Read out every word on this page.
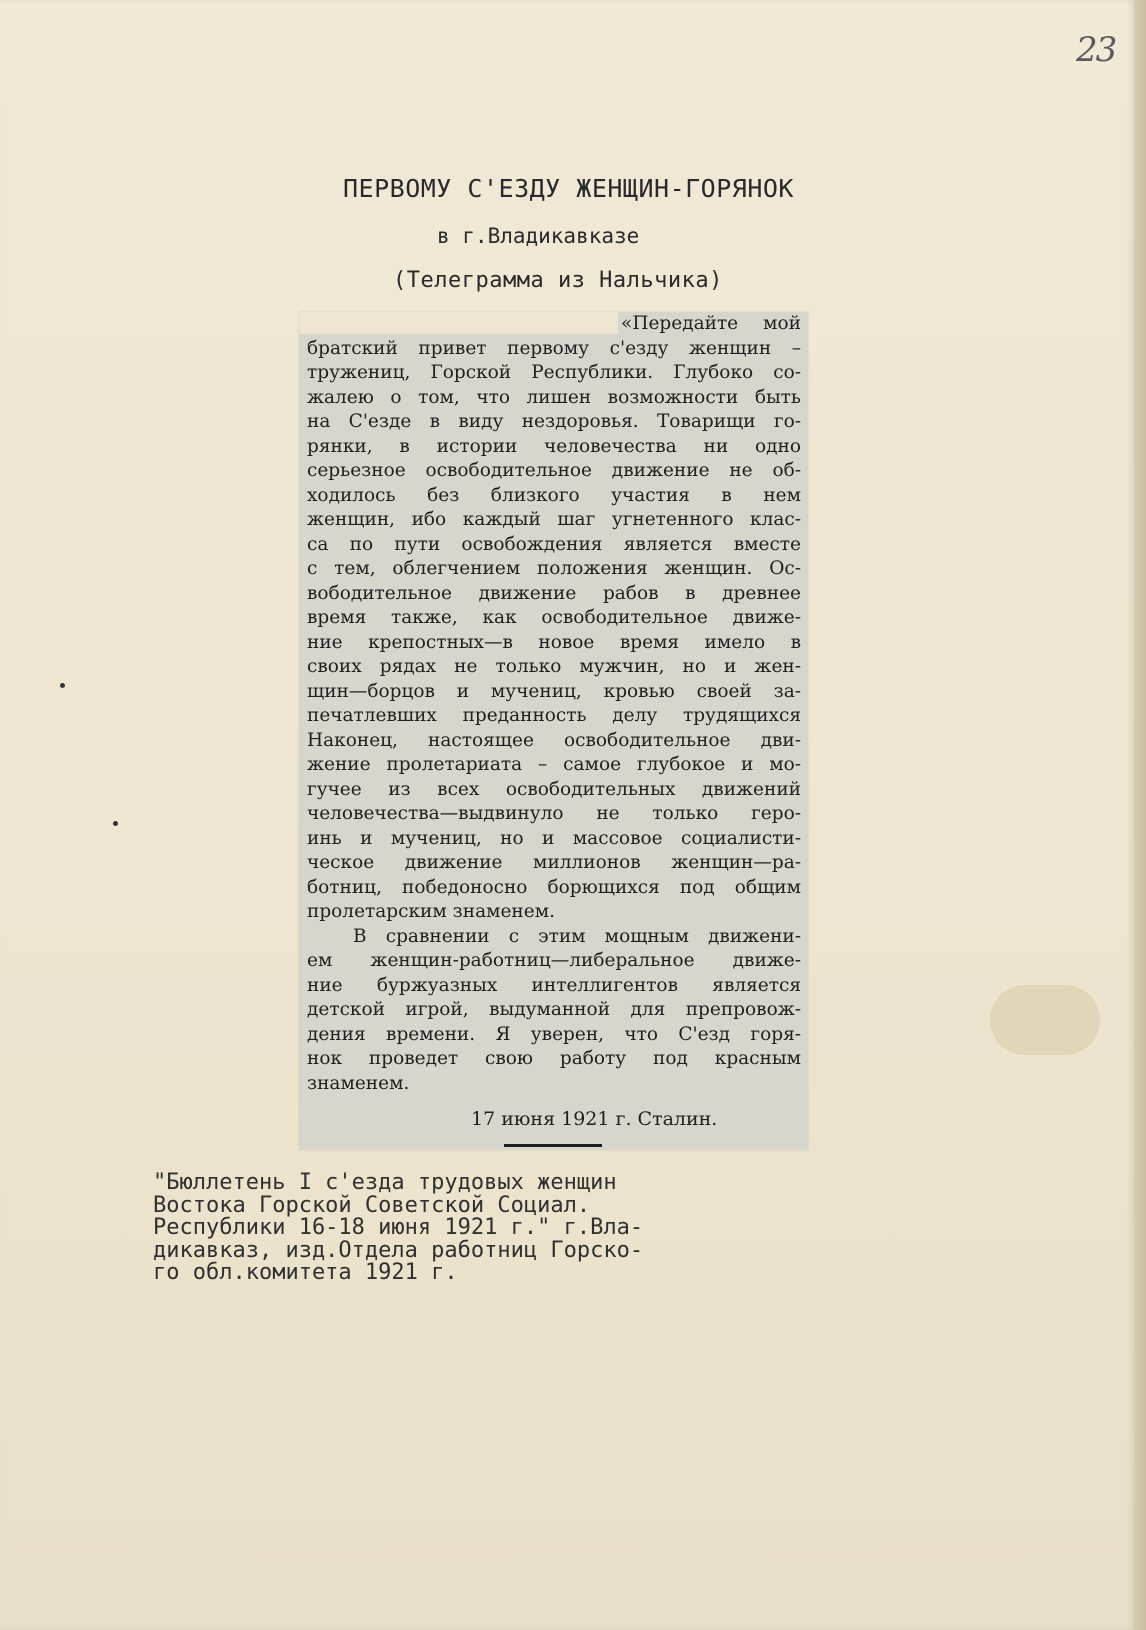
23
ПЕРВОМУ С'ЕЗДУ ЖЕНЩИН-ГОРЯНОК
в г.Владикавказе
(Телеграмма из Нальчика)
«Передайте мой
братский привет первому с'езду женщин –
тружениц, Горской Республики. Глубоко со-
жалею о том, что лишен возможности быть
на С'езде в виду нездоровья. Товарищи го-
рянки, в истории человечества ни одно
серьезное освободительное движение не об-
ходилось без близкого участия в нем
женщин, ибо каждый шаг угнетенного клас-
са по пути освобождения является вместе
с тем, облегчением положения женщин. Ос-
вободительное движение рабов в древнее
время также, как освободительное движе-
ние крепостных—в новое время имело в
своих рядах не только мужчин, но и жен-
щин—борцов и мучениц, кровью своей за-
печатлевших преданность делу трудящихся
Наконец, настоящее освободительное дви-
жение пролетариата – самое глубокое и мо-
гучее из всех освободительных движений
человечества—выдвинуло не только геро-
инь и мучениц, но и массовое социалисти-
ческое движение миллионов женщин—ра-
ботниц, победоносно борющихся под общим
пролетарским знаменем.
В сравнении с этим мощным движени-
ем женщин-работниц—либеральное движе-
ние буржуазных интеллигентов является
детской игрой, выдуманной для препровож-
дения времени. Я уверен, что С'езд горя-
нок проведет свою работу под красным
знаменем.
17 июня 1921 г. Сталин.
"Бюллетень I с'езда трудовых женщин
Востока Горской Советской Социал.
Республики 16-18 июня 1921 г." г.Вла-
дикавказ, изд.Отдела работниц Горско-
го обл.комитета 1921 г.
